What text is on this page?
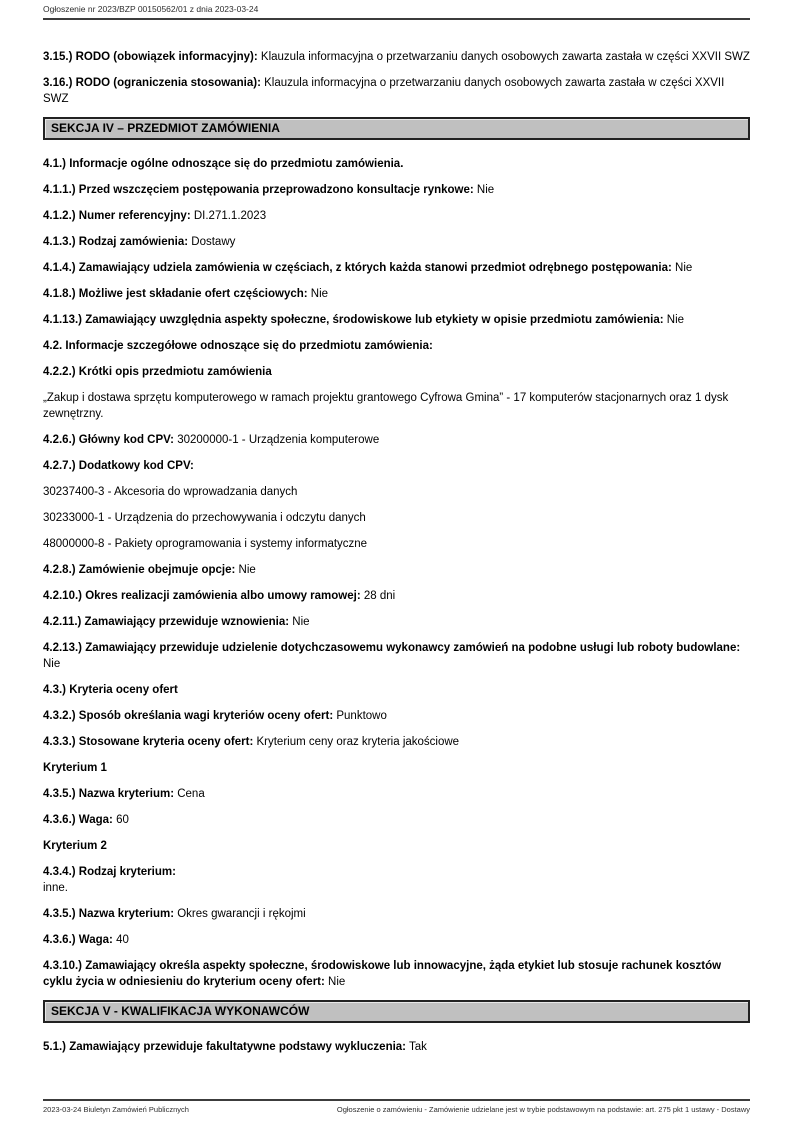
Ogłoszenie nr 2023/BZP 00150562/01 z dnia 2023-03-24

3.15.) RODO (obowiązek informacyjny): Klauzula informacyjna o przetwarzaniu danych osobowych zawarta zastała w części XXVII SWZ

3.16.) RODO (ograniczenia stosowania): Klauzula informacyjna o przetwarzaniu danych osobowych zawarta zastała w części XXVII SWZ

SEKCJA IV – PRZEDMIOT ZAMÓWIENIA

4.1.) Informacje ogólne odnoszące się do przedmiotu zamówienia.

4.1.1.) Przed wszczęciem postępowania przeprowadzono konsultacje rynkowe: Nie

4.1.2.) Numer referencyjny: DI.271.1.2023

4.1.3.) Rodzaj zamówienia: Dostawy

4.1.4.) Zamawiający udziela zamówienia w częściach, z których każda stanowi przedmiot odrębnego postępowania: Nie

4.1.8.) Możliwe jest składanie ofert częściowych: Nie

4.1.13.) Zamawiający uwzględnia aspekty społeczne, środowiskowe lub etykiety w opisie przedmiotu zamówienia: Nie

4.2. Informacje szczegółowe odnoszące się do przedmiotu zamówienia:

4.2.2.) Krótki opis przedmiotu zamówienia

„Zakup i dostawa sprzętu komputerowego w ramach projektu grantowego Cyfrowa Gmina” - 17 komputerów stacjonarnych oraz 1 dysk zewnętrzny.

4.2.6.) Główny kod CPV: 30200000-1 - Urządzenia komputerowe

4.2.7.) Dodatkowy kod CPV:

30237400-3 - Akcesoria do wprowadzania danych

30233000-1 - Urządzenia do przechowywania i odczytu danych

48000000-8 - Pakiety oprogramowania i systemy informatyczne

4.2.8.) Zamówienie obejmuje opcje: Nie

4.2.10.) Okres realizacji zamówienia albo umowy ramowej: 28 dni

4.2.11.) Zamawiający przewiduje wznowienia: Nie

4.2.13.) Zamawiający przewiduje udzielenie dotychczasowemu wykonawcy zamówień na podobne usługi lub roboty budowlane: Nie

4.3.) Kryteria oceny ofert

4.3.2.) Sposób określania wagi kryteriów oceny ofert: Punktowo

4.3.3.) Stosowane kryteria oceny ofert: Kryterium ceny oraz kryteria jakościowe

Kryterium 1

4.3.5.) Nazwa kryterium: Cena

4.3.6.) Waga: 60

Kryterium 2

4.3.4.) Rodzaj kryterium:
inne.

4.3.5.) Nazwa kryterium: Okres gwarancji i rękojmi

4.3.6.) Waga: 40

4.3.10.) Zamawiający określa aspekty społeczne, środowiskowe lub innowacyjne, żąda etykiet lub stosuje rachunek kosztów cyklu życia w odniesieniu do kryterium oceny ofert: Nie

SEKCJA V - KWALIFIKACJA WYKONAWCÓW

5.1.) Zamawiający przewiduje fakultatywne podstawy wykluczenia: Tak

2023-03-24 Biuletyn Zamówień Publicznych	Ogłoszenie o zamówieniu - Zamówienie udzielane jest w trybie podstawowym na podstawie: art. 275 pkt 1 ustawy - Dostawy
